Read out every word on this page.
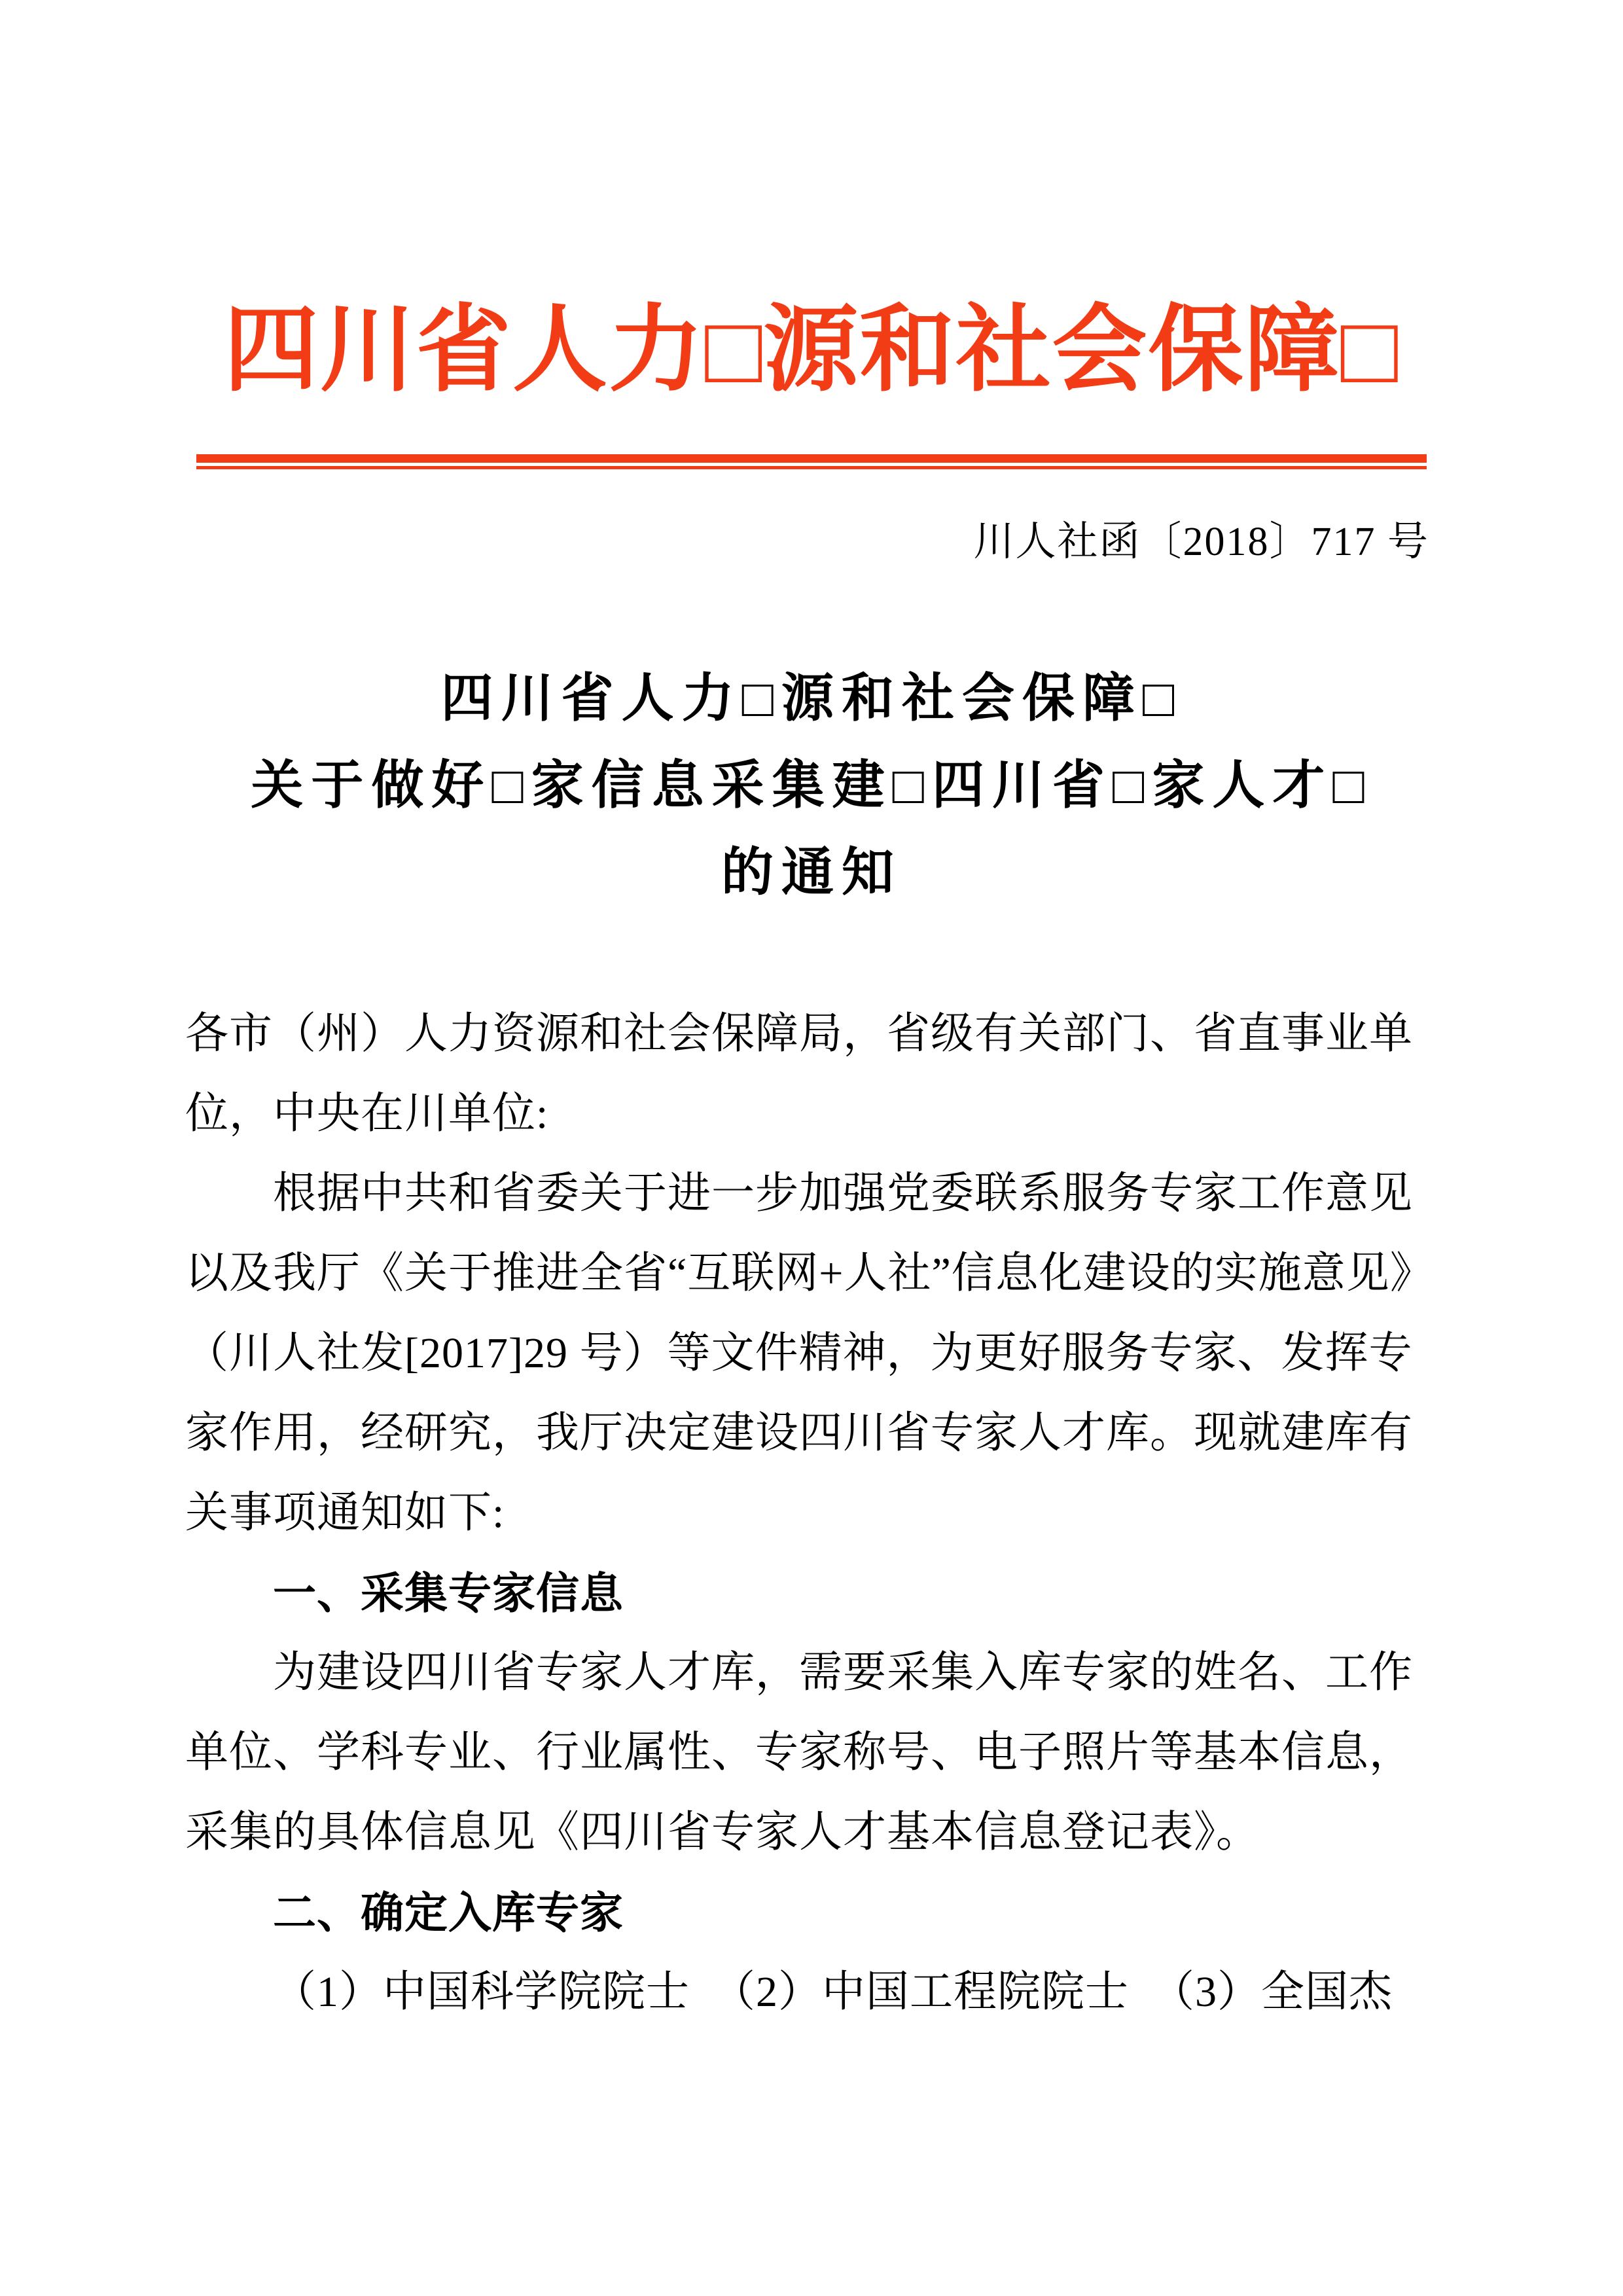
四川省人力□源和社会保障□
川人社函〔2018〕717 号
四川省人力□源和社会保障□
关于做好□家信息采集建□四川省□家人才□
的通知
各市（州）人力资源和社会保障局，省级有关部门、省直事业单
位，中央在川单位:
根据中共和省委关于进一步加强党委联系服务专家工作意见
以及我厅《关于推进全省“互联网+人社”信息化建设的实施意见》
（川人社发[2017]29 号）等文件精神，为更好服务专家、发挥专
家作用，经研究，我厅决定建设四川省专家人才库。现就建库有
关事项通知如下:
一、采集专家信息
为建设四川省专家人才库，需要采集入库专家的姓名、工作
单位、学科专业、行业属性、专家称号、电子照片等基本信息，
采集的具体信息见《四川省专家人才基本信息登记表》。
二、确定入库专家
（1）中国科学院院士　（2）中国工程院院士　（3）全国杰
